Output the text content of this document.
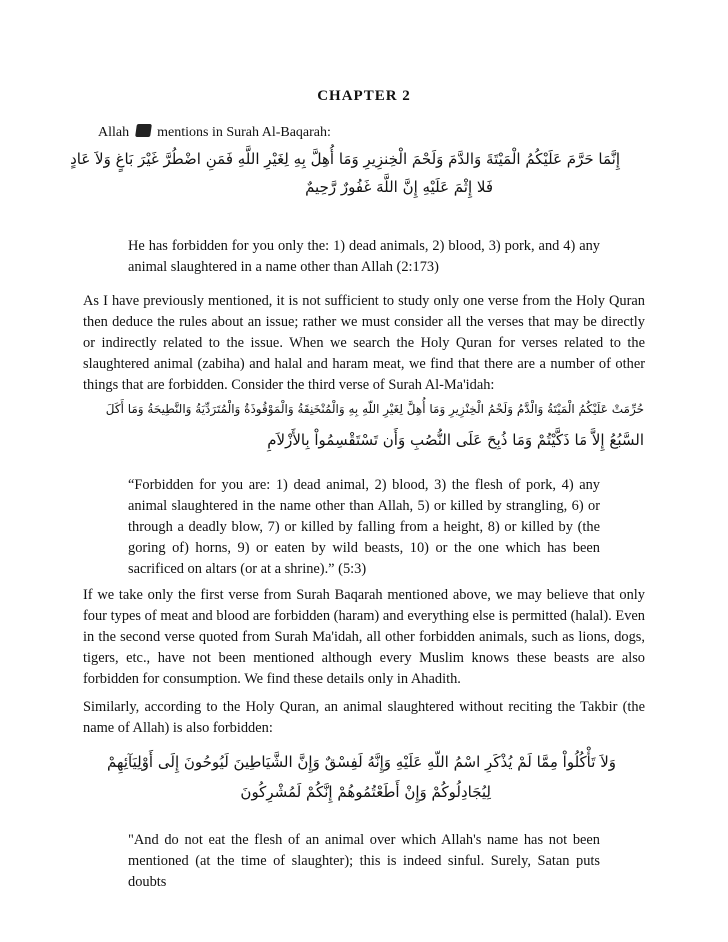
CHAPTER 2
Allah mentions in Surah Al-Baqarah:
إِنَّمَا حَرَّمَ عَلَيْكُمُ الْمَيْتَةَ وَالدَّمَ وَلَحْمَ الْخِنزِيرِ وَمَا أُهِلَّ بِهِ لِغَيْرِ اللَّهِ فَمَنِ اضْطُرَّ غَيْرَ بَاغٍ وَلاَ عَادٍ
فَلا إِثْمَ عَلَيْهِ إِنَّ اللَّهَ غَفُورٌ رَّحِيمٌ

He has forbidden for you only the: 1) dead animals, 2) blood, 3) pork, and 4) any animal slaughtered in a name other than Allah (2:173)

As I have previously mentioned, it is not sufficient to study only one verse from the Holy Quran then deduce the rules about an issue; rather we must consider all the verses that may be directly or indirectly related to the issue. When we search the Holy Quran for verses related to the slaughtered animal (zabiha) and halal and haram meat, we find that there are a number of other things that are forbidden. Consider the third verse of Surah Al-Ma'idah:

حُرِّمَتْ عَلَيْكُمُ الْمَيْتَةُ وَالْدَّمُ وَلَحْمُ الْخِنْزِيرِ وَمَا أُهِلَّ لِغَيْرِ اللّهِ بِهِ وَالْمُنْخَنِقَةُ وَالْمَوْقُوذَةُ وَالْمُتَرَدِّيَةُ وَالنَّطِيحَةُ وَمَا أَكَلَ
السَّبُعُ إِلاَّ مَا ذَكَّيْتُمْ وَمَا ذُبِحَ عَلَى النُّصُبِ وَأَن تَسْتَقْسِمُواْ بِالأَزْلاَمِ

“Forbidden for you are: 1) dead animal, 2) blood, 3) the flesh of pork, 4) any animal slaughtered in the name other than Allah, 5) or killed by strangling, 6) or through a deadly blow, 7) or killed by falling from a height, 8) or killed by (the goring of) horns, 9) or eaten by wild beasts, 10) or the one which has been sacrificed on altars (or at a shrine).” (5:3)

If we take only the first verse from Surah Baqarah mentioned above, we may believe that only four types of meat and blood are forbidden (haram) and everything else is permitted (halal). Even in the second verse quoted from Surah Ma'idah, all other forbidden animals, such as lions, dogs, tigers, etc., have not been mentioned although every Muslim knows these beasts are also forbidden for consumption. We find these details only in Ahadith.

Similarly, according to the Holy Quran, an animal slaughtered without reciting the Takbir (the name of Allah) is also forbidden:

وَلاَ تَأْكُلُواْ مِمَّا لَمْ يُذْكَرِ اسْمُ اللّهِ عَلَيْهِ وَإِنَّهُ لَفِسْقٌ وَإِنَّ الشَّيَاطِينَ لَيُوحُونَ إِلَى أَوْلِيَآئِهِمْ
لِيُجَادِلُوكُمْ وَإِنْ أَطَعْتُمُوهُمْ إِنَّكُمْ لَمُشْرِكُونَ

"And do not eat the flesh of an animal over which Allah's name has not been mentioned (at the time of slaughter); this is indeed sinful. Surely, Satan puts doubts
